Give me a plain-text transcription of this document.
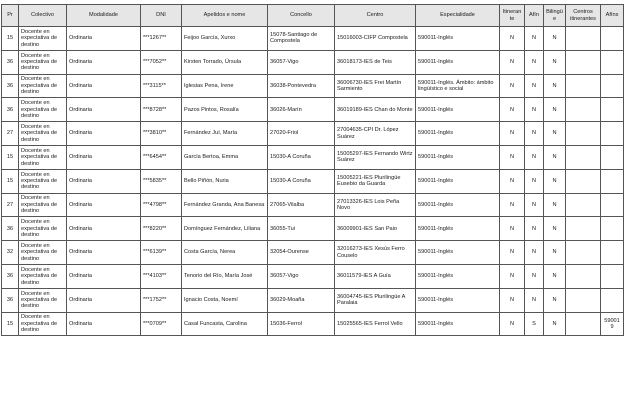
Pr	Colectivo	Modalidade	DNI	Apelidos e nome	Concello	Centro	Especialidade	Itinerante	Afín	Bilingüe	Centros itinerantes	Afíns
15	Docente en expectativa de destino	Ordinaria	***1267**	Feijoo García, Xurxo	15078-Santiago de Compostela	15016003-CIFP Compostela	590011-Inglés	N	N	N		
36	Docente en expectativa de destino	Ordinaria	***7052**	Kirsten Torrado, Úrsula	36057-Vigo	36018173-IES de Teis	590011-Inglés	N	N	N		
36	Docente en expectativa de destino	Ordinaria	***3115**	Iglesias Pena, Irene	36038-Pontevedra	36006730-IES Frei Martín Sarmiento	590011-Inglés. Ámbito: ámbito lingüístico e social	N	N	N		
36	Docente en expectativa de destino	Ordinaria	***8728**	Pazos Pintos, Rosalía	36026-Marín	36019189-IES Chan do Monte	590011-Inglés	N	N	N		
27	Docente en expectativa de destino	Ordinaria	***3810**	Fernández Juí, María	27020-Friol	27004635-CPI Dr. López Suárez	590011-Inglés	N	N	N		
15	Docente en expectativa de destino	Ordinaria	***6454**	García Bertoa, Emma	15030-A Coruña	15005297-IES Fernando Wirtz Suárez	590011-Inglés	N	N	N		
15	Docente en expectativa de destino	Ordinaria	***5835**	Bello Piñón, Nuria	15030-A Coruña	15005221-IES Plurilingüe Eusebio da Guarda	590011-Inglés	N	N	N		
27	Docente en expectativa de destino	Ordinaria	***4798**	Fernández Granda, Ana Banesa	27065-Vilalba	27013326-IES Lois Peña Novo	590011-Inglés	N	N	N		
36	Docente en expectativa de destino	Ordinaria	***8220**	Domínguez Fernández, Liliana	36055-Tui	36009901-IES San Paio	590011-Inglés	N	N	N		
32	Docente en expectativa de destino	Ordinaria	***6139**	Costa García, Nerea	32054-Ourense	32016273-IES Xesús Ferro Couselo	590011-Inglés	N	N	N		
36	Docente en expectativa de destino	Ordinaria	***4103**	Tenorio del Río, María José	36057-Vigo	36011579-IES A Guía	590011-Inglés	N	N	N		
36	Docente en expectativa de destino	Ordinaria	***1752**	Ignacio Costa, Noemí	36029-Moaña	36004745-IES Plurilingüe A Paralaia	590011-Inglés	N	N	N		
15	Docente en expectativa de destino	Ordinaria	***0709**	Casal Funcasta, Carolina	15036-Ferrol	15025565-IES Ferrol Vello	590011-Inglés	N	S	N		590019
